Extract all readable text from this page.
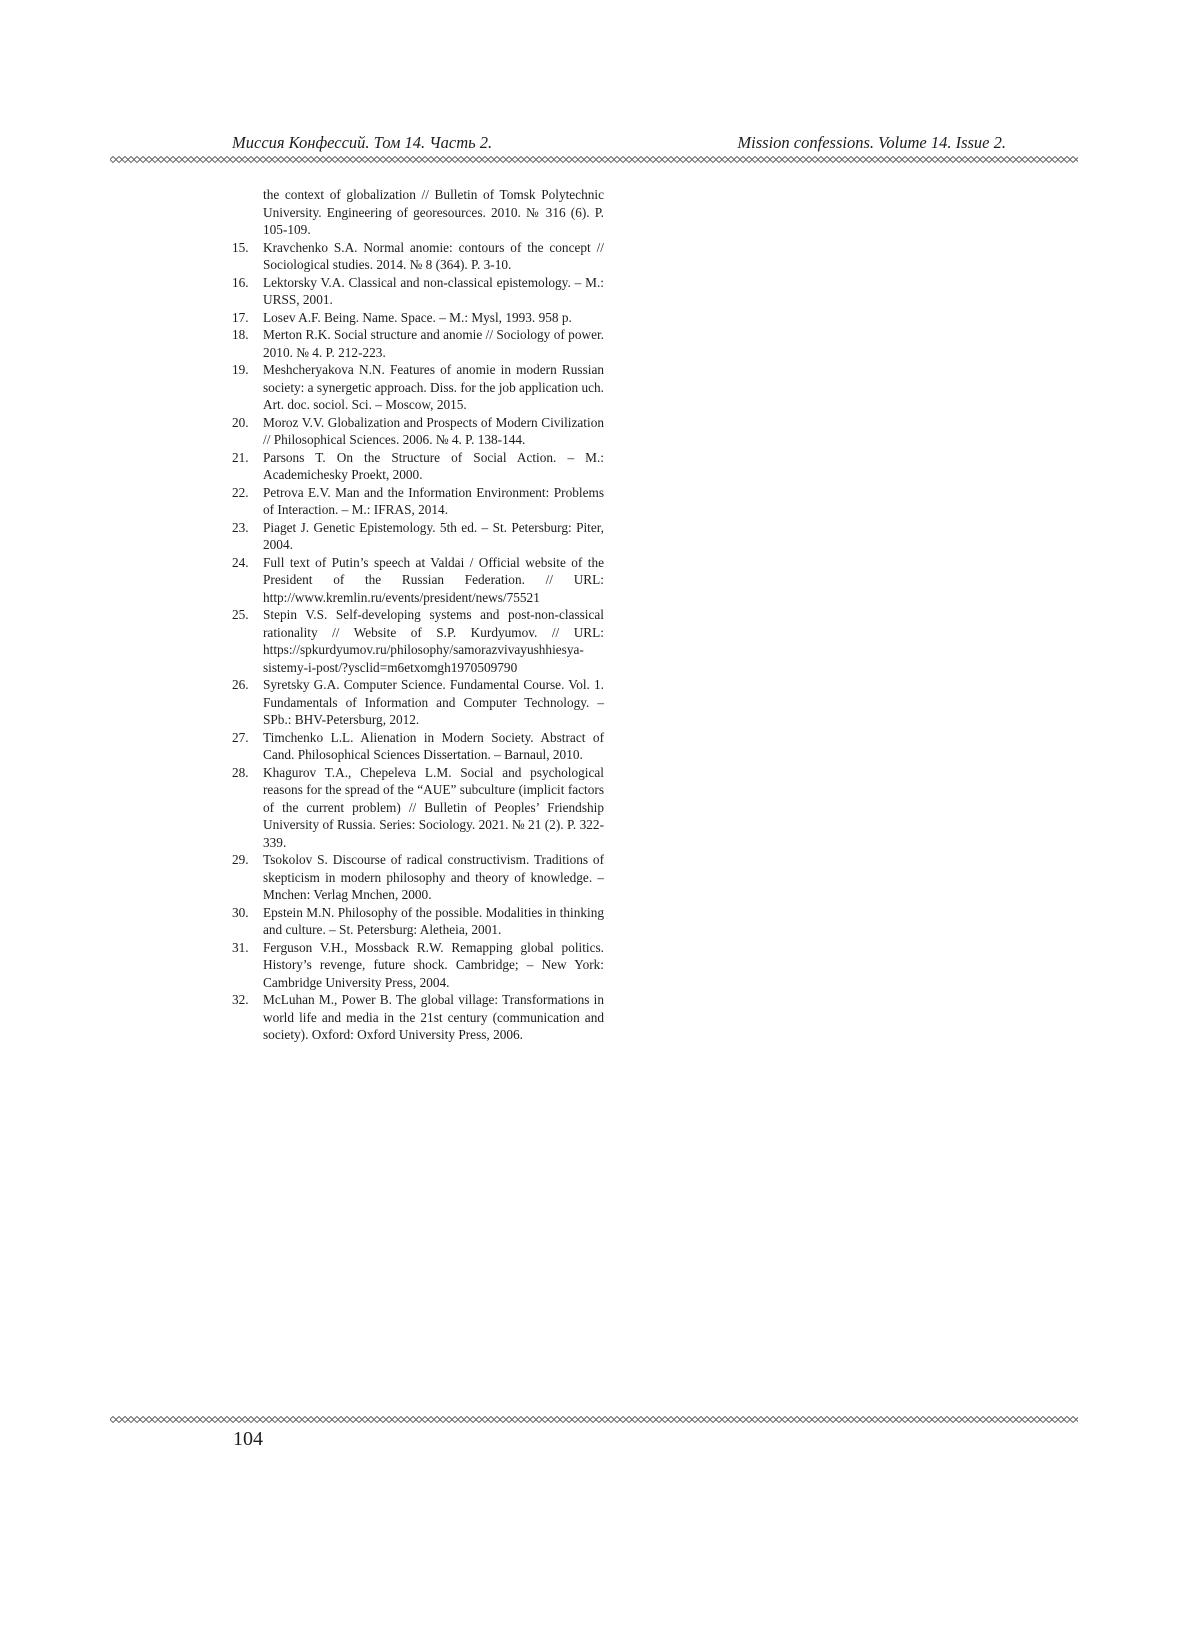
Миссия Конфессий. Том 14. Часть 2.	Mission confessions. Volume 14. Issue 2.
the context of globalization // Bulletin of Tomsk Polytechnic University. Engineering of georesources. 2010. № 316 (6). P. 105-109.
15. Kravchenko S.A. Normal anomie: contours of the concept // Sociological studies. 2014. № 8 (364). P. 3-10.
16. Lektorsky V.A. Classical and non-classical epistemology. – M.: URSS, 2001.
17. Losev A.F. Being. Name. Space. – M.: Mysl, 1993. 958 p.
18. Merton R.K. Social structure and anomie // Sociology of power. 2010. № 4. P. 212-223.
19. Meshcheryakova N.N. Features of anomie in modern Russian society: a synergetic approach. Diss. for the job application uch. Art. doc. sociol. Sci. – Moscow, 2015.
20. Moroz V.V. Globalization and Prospects of Modern Civilization // Philosophical Sciences. 2006. № 4. P. 138-144.
21. Parsons T. On the Structure of Social Action. – M.: Academichesky Proekt, 2000.
22. Petrova E.V. Man and the Information Environment: Problems of Interaction. – M.: IFRAS, 2014.
23. Piaget J. Genetic Epistemology. 5th ed. – St. Petersburg: Piter, 2004.
24. Full text of Putin’s speech at Valdai / Official website of the President of the Russian Federation. // URL: http://www.kremlin.ru/events/president/news/75521
25. Stepin V.S. Self-developing systems and post-non-classical rationality // Website of S.P. Kurdyumov. // URL: https://spkurdyumov.ru/philosophy/samorazvivayushhiesya-sistemy-i-post/?ysclid=m6etxomgh1970509790
26. Syretsky G.A. Computer Science. Fundamental Course. Vol. 1. Fundamentals of Information and Computer Technology. – SPb.: BHV-Petersburg, 2012.
27. Timchenko L.L. Alienation in Modern Society. Abstract of Cand. Philosophical Sciences Dissertation. – Barnaul, 2010.
28. Khagurov T.A., Chepeleva L.M. Social and psychological reasons for the spread of the “AUE” subculture (implicit factors of the current problem) // Bulletin of Peoples’ Friendship University of Russia. Series: Sociology. 2021. № 21 (2). P. 322-339.
29. Tsokolov S. Discourse of radical constructivism. Traditions of skepticism in modern philosophy and theory of knowledge. – Mnchen: Verlag Mnchen, 2000.
30. Epstein M.N. Philosophy of the possible. Modalities in thinking and culture. – St. Petersburg: Aletheia, 2001.
31. Ferguson V.H., Mossback R.W. Remapping global politics. History’s revenge, future shock. Cambridge; – New York: Cambridge University Press, 2004.
32. McLuhan M., Power B. The global village: Transformations in world life and media in the 21st century (communication and society). Oxford: Oxford University Press, 2006.
104
